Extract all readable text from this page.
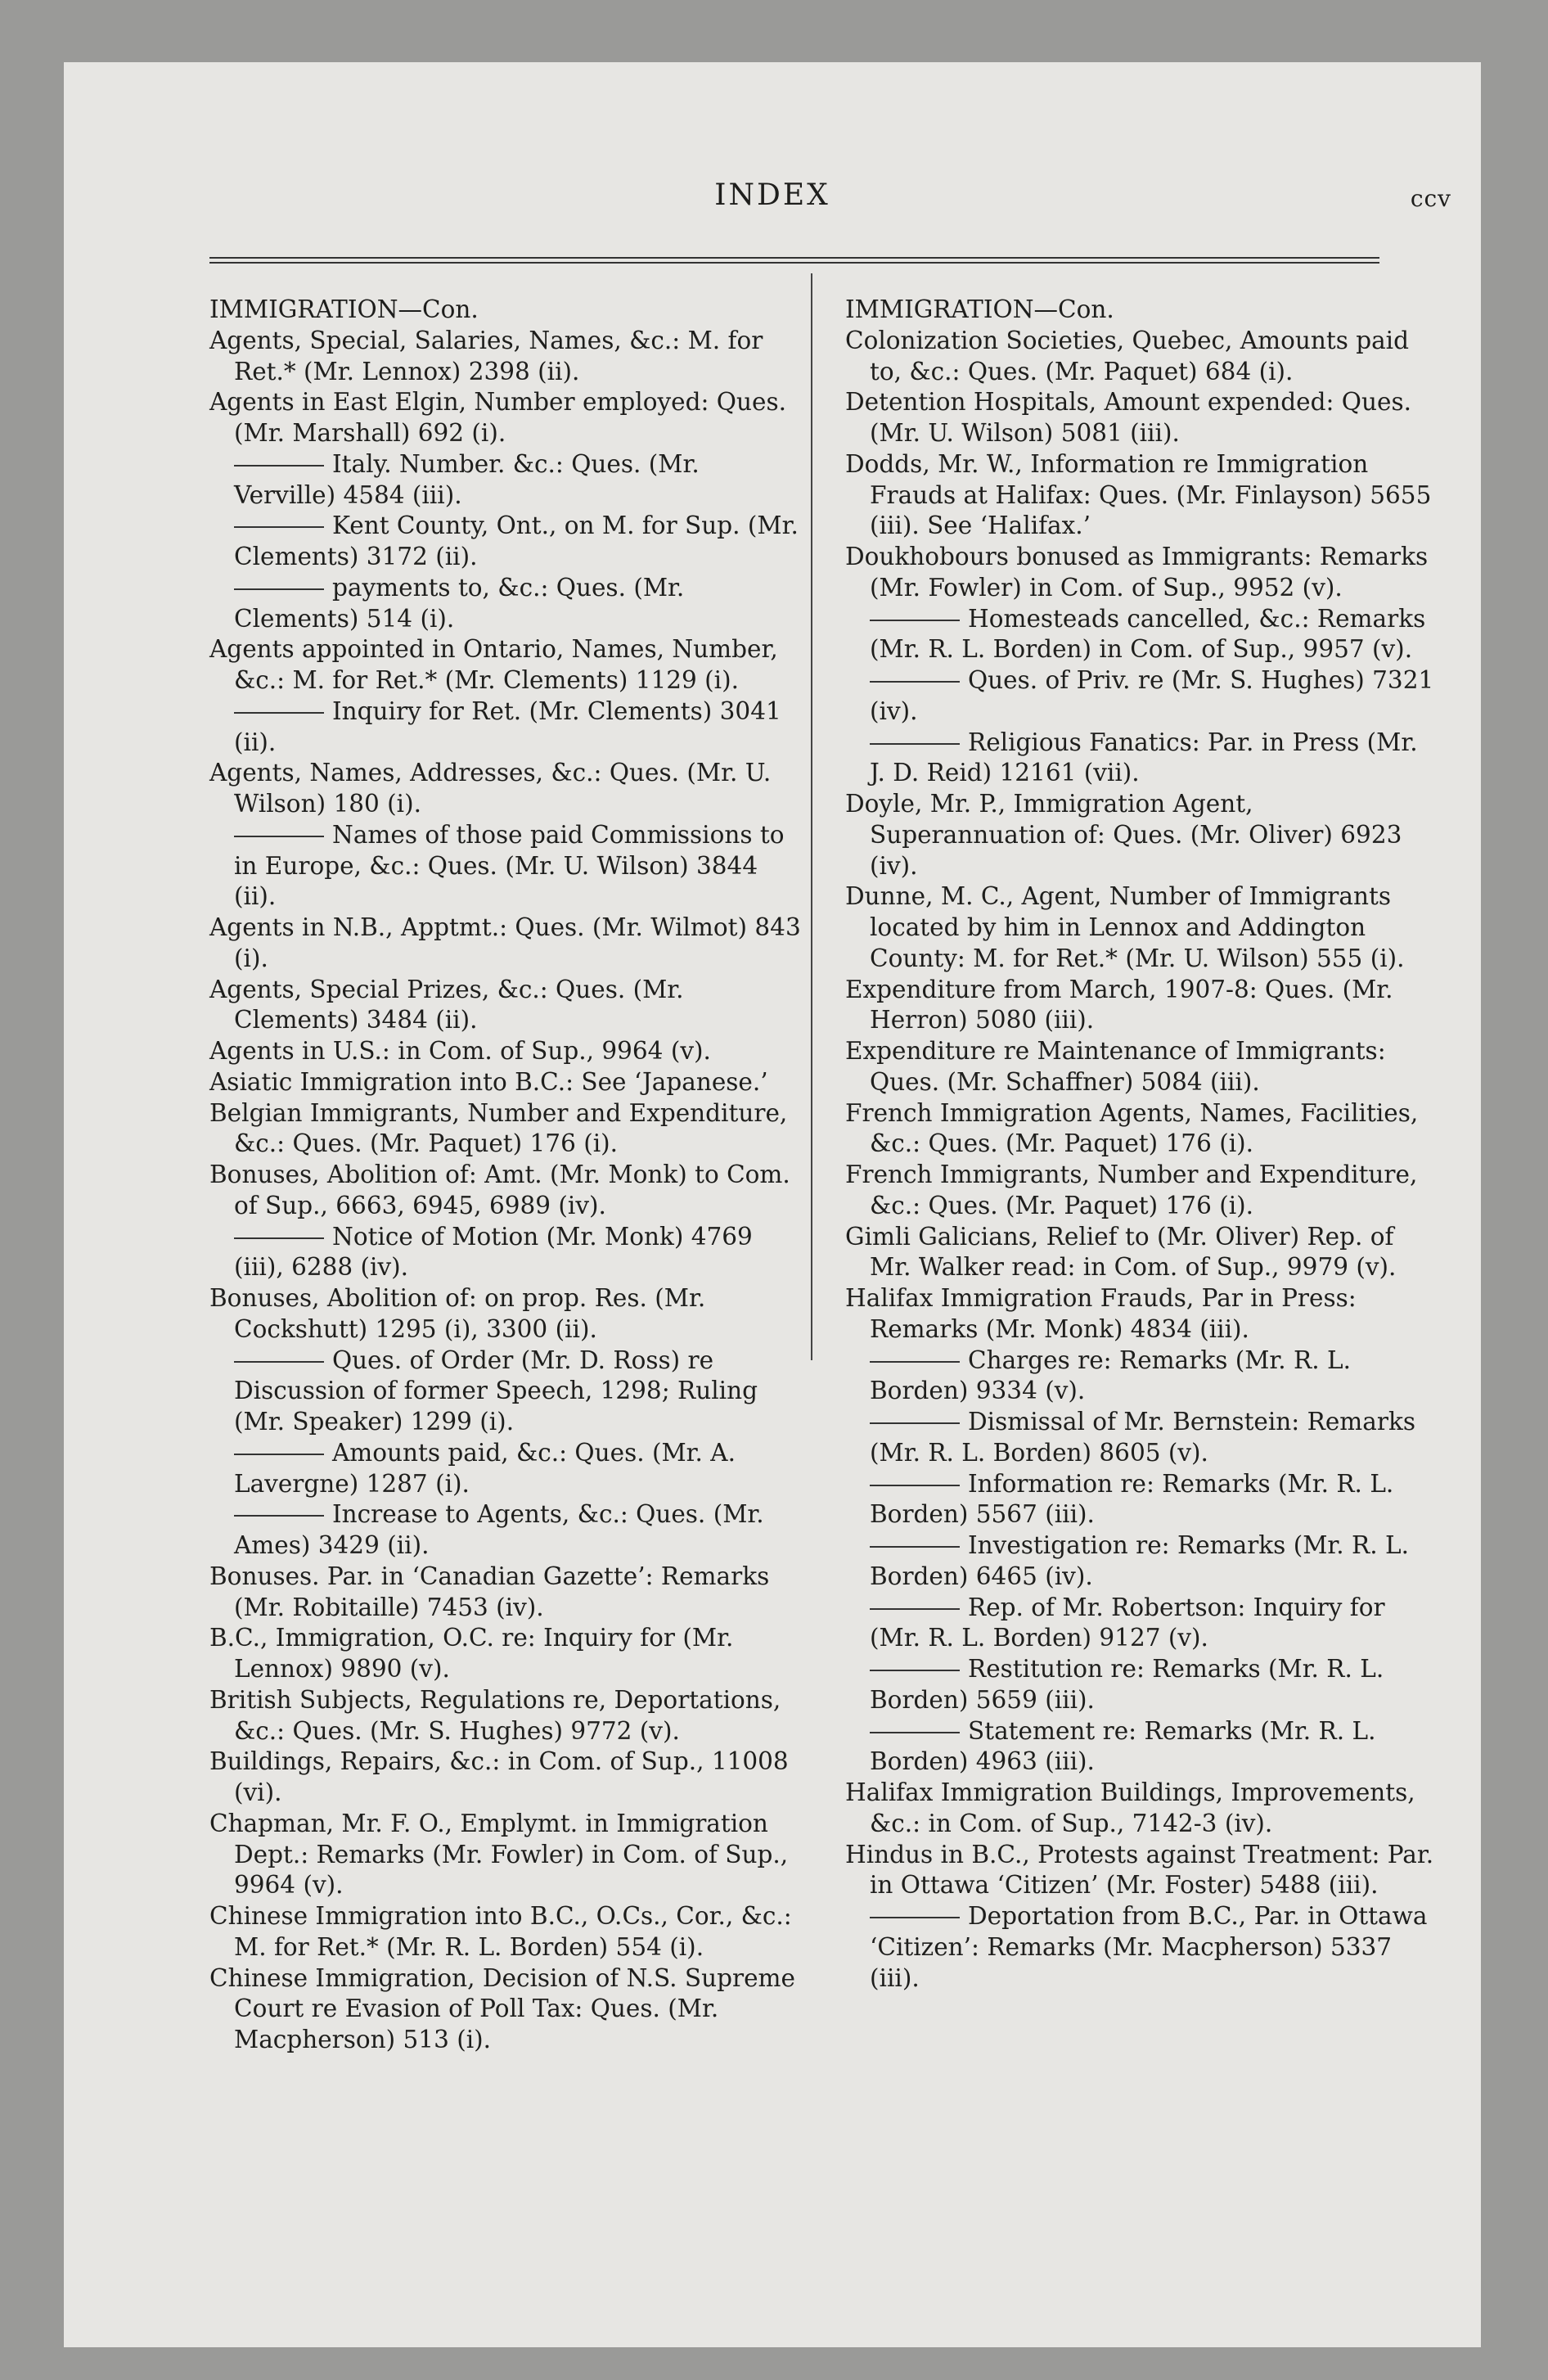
INDEX	ccv
IMMIGRATION—Con.
Agents, Special, Salaries, Names, &c.: M. for Ret.* (Mr. Lennox) 2398 (ii).
Agents in East Elgin, Number employed: Ques. (Mr. Marshall) 692 (i).
Italy. Number. &c.: Ques. (Mr. Verville) 4584 (iii).
Kent County, Ont., on M. for Sup. (Mr. Clements) 3172 (ii).
payments to, &c.: Ques. (Mr. Clements) 514 (i).
Agents appointed in Ontario, Names, Number, &c.: M. for Ret.* (Mr. Clements) 1129 (i).
Inquiry for Ret. (Mr. Clements) 3041 (ii).
Agents, Names, Addresses, &c.: Ques. (Mr. U. Wilson) 180 (i).
Names of those paid Commissions to in Europe, &c.: Ques. (Mr. U. Wilson) 3844 (ii).
Agents in N.B., Apptmt.: Ques. (Mr. Wilmot) 843 (i).
Agents, Special Prizes, &c.: Ques. (Mr. Clements) 3484 (ii).
Agents in U.S.: in Com. of Sup., 9964 (v).
Asiatic Immigration into B.C.: See ‘Japanese.’
Belgian Immigrants, Number and Expenditure, &c.: Ques. (Mr. Paquet) 176 (i).
Bonuses, Abolition of: Amt. (Mr. Monk) to Com. of Sup., 6663, 6945, 6989 (iv).
Notice of Motion (Mr. Monk) 4769 (iii), 6288 (iv).
Bonuses, Abolition of: on prop. Res. (Mr. Cockshutt) 1295 (i), 3300 (ii).
Ques. of Order (Mr. D. Ross) re Discussion of former Speech, 1298; Ruling (Mr. Speaker) 1299 (i).
Amounts paid, &c.: Ques. (Mr. A. Lavergne) 1287 (i).
Increase to Agents, &c.: Ques. (Mr. Ames) 3429 (ii).
Bonuses. Par. in ‘Canadian Gazette’: Remarks (Mr. Robitaille) 7453 (iv).
B.C., Immigration, O.C. re: Inquiry for (Mr. Lennox) 9890 (v).
British Subjects, Regulations re, Deportations, &c.: Ques. (Mr. S. Hughes) 9772 (v).
Buildings, Repairs, &c.: in Com. of Sup., 11008 (vi).
Chapman, Mr. F. O., Emplymt. in Immigration Dept.: Remarks (Mr. Fowler) in Com. of Sup., 9964 (v).
Chinese Immigration into B.C., O.Cs., Cor., &c.: M. for Ret.* (Mr. R. L. Borden) 554 (i).
Chinese Immigration, Decision of N.S. Supreme Court re Evasion of Poll Tax: Ques. (Mr. Macpherson) 513 (i).
IMMIGRATION—Con.
Colonization Societies, Quebec, Amounts paid to, &c.: Ques. (Mr. Paquet) 684 (i).
Detention Hospitals, Amount expended: Ques. (Mr. U. Wilson) 5081 (iii).
Dodds, Mr. W., Information re Immigration Frauds at Halifax: Ques. (Mr. Finlayson) 5655 (iii). See ‘Halifax.’
Doukhobours bonused as Immigrants: Remarks (Mr. Fowler) in Com. of Sup., 9952 (v).
Homesteads cancelled, &c.: Remarks (Mr. R. L. Borden) in Com. of Sup., 9957 (v).
Ques. of Priv. re (Mr. S. Hughes) 7321 (iv).
Religious Fanatics: Par. in Press (Mr. J. D. Reid) 12161 (vii).
Doyle, Mr. P., Immigration Agent, Superannuation of: Ques. (Mr. Oliver) 6923 (iv).
Dunne, M. C., Agent, Number of Immigrants located by him in Lennox and Addington County: M. for Ret.* (Mr. U. Wilson) 555 (i).
Expenditure from March, 1907-8: Ques. (Mr. Herron) 5080 (iii).
Expenditure re Maintenance of Immigrants: Ques. (Mr. Schaffner) 5084 (iii).
French Immigration Agents, Names, Facilities, &c.: Ques. (Mr. Paquet) 176 (i).
French Immigrants, Number and Expenditure, &c.: Ques. (Mr. Paquet) 176 (i).
Gimli Galicians, Relief to (Mr. Oliver) Rep. of Mr. Walker read: in Com. of Sup., 9979 (v).
Halifax Immigration Frauds, Par in Press: Remarks (Mr. Monk) 4834 (iii).
Charges re: Remarks (Mr. R. L. Borden) 9334 (v).
Dismissal of Mr. Bernstein: Remarks (Mr. R. L. Borden) 8605 (v).
Information re: Remarks (Mr. R. L. Borden) 5567 (iii).
Investigation re: Remarks (Mr. R. L. Borden) 6465 (iv).
Rep. of Mr. Robertson: Inquiry for (Mr. R. L. Borden) 9127 (v).
Restitution re: Remarks (Mr. R. L. Borden) 5659 (iii).
Statement re: Remarks (Mr. R. L. Borden) 4963 (iii).
Halifax Immigration Buildings, Improvements, &c.: in Com. of Sup., 7142-3 (iv).
Hindus in B.C., Protests against Treatment: Par. in Ottawa ‘Citizen’ (Mr. Foster) 5488 (iii).
Deportation from B.C., Par. in Ottawa ‘Citizen’: Remarks (Mr. Macpherson) 5337 (iii).
